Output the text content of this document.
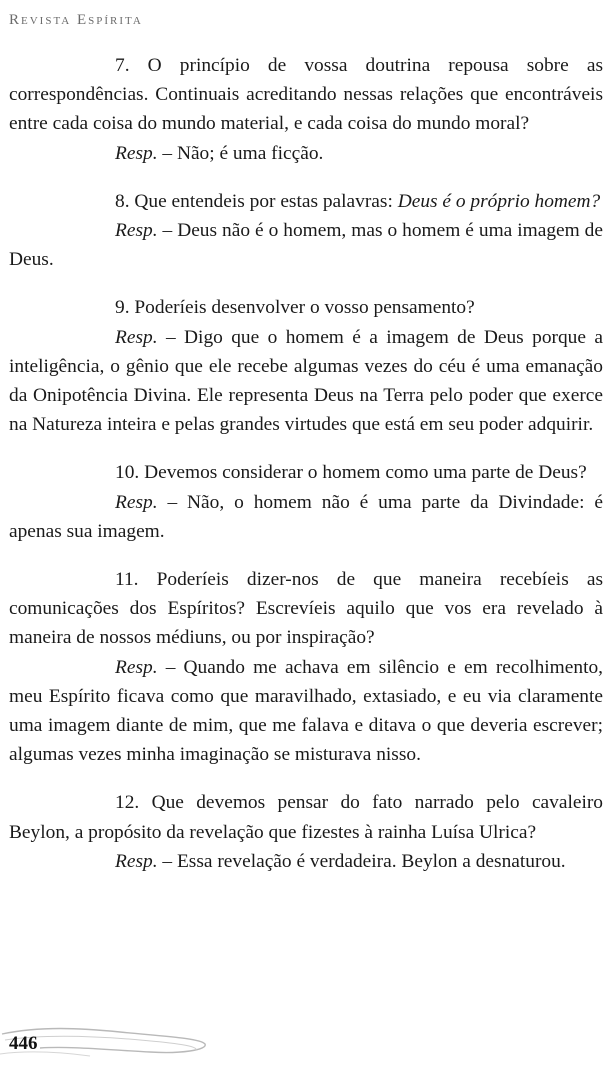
Revista Espírita

7. O princípio de vossa doutrina repousa sobre as correspondências. Continuais acreditando nessas relações que encontráveis entre cada coisa do mundo material, e cada coisa do mundo moral?

Resp. – Não; é uma ficção.

8. Que entendeis por estas palavras: Deus é o próprio homem?

Resp. – Deus não é o homem, mas o homem é uma imagem de Deus.

9. Poderíeis desenvolver o vosso pensamento?

Resp. – Digo que o homem é a imagem de Deus porque a inteligência, o gênio que ele recebe algumas vezes do céu é uma emanação da Onipotência Divina. Ele representa Deus na Terra pelo poder que exerce na Natureza inteira e pelas grandes virtudes que está em seu poder adquirir.

10. Devemos considerar o homem como uma parte de Deus?

Resp. – Não, o homem não é uma parte da Divindade: é apenas sua imagem.

11. Poderíeis dizer-nos de que maneira recebíeis as comunicações dos Espíritos? Escrevíeis aquilo que vos era revelado à maneira de nossos médiuns, ou por inspiração?

Resp. – Quando me achava em silêncio e em recolhimento, meu Espírito ficava como que maravilhado, extasiado, e eu via claramente uma imagem diante de mim, que me falava e ditava o que deveria escrever; algumas vezes minha imaginação se misturava nisso.

12. Que devemos pensar do fato narrado pelo cavaleiro Beylon, a propósito da revelação que fizestes à rainha Luísa Ulrica?

Resp. – Essa revelação é verdadeira. Beylon a desnaturou.

446
